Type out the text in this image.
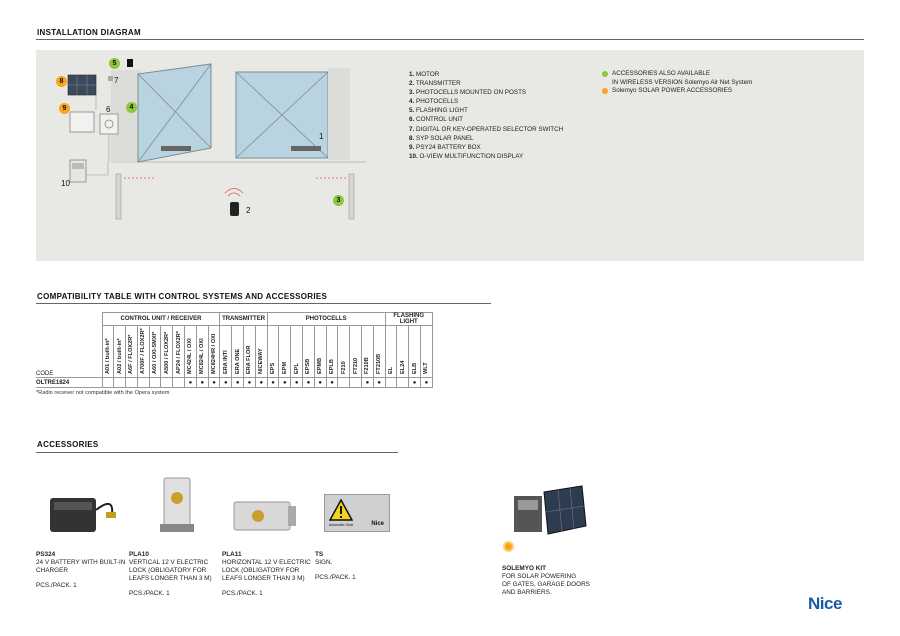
INSTALLATION DIAGRAM
5
4
3
8
9
7
6
10
1
2
1. MOTOR
2. TRANSMITTER
3. PHOTOCELLS MOUNTED ON POSTS
4. PHOTOCELLS
5. FLASHING LIGHT
6. CONTROL UNIT
7. DIGITAL OR KEY-OPERATED SELECTOR SWITCH
8. SYP SOLAR PANEL
9. PSY24 BATTERY BOX
10. O-VIEW MULTIFUNCTION DISPLAY
ACCESSORIES ALSO AVAILABLE
IN WIRELESS VERSION Solemyo Air Net System
Solemyo SOLAR POWER ACCESSORIES
COMPATIBILITY TABLE WITH CONTROL SYSTEMS AND ACCESSORIES
	CONTROL UNIT / RECEIVER										TRANSMITTER				PHOTOCELLS										FLASHING LIGHT			
CODE	A01 / built-in*	A02 / built-in*	A6F / FLOX2R*	A700F / FLOX2R*	A60 / OXI-SMXI*	A500 / FLOX2R*	AP24 / FLOX2R*	MC424L / OXI	MC824L / OXI	MC824HR / OXI	ERA INTI	ERA ONE	ERA FLOR	NICEWAY	EPS	EPM	EPL	EPSB	EPMB	EPLB	F210	FT210	F210B	FT210B	EL	EL24	ELB	WLT

OLTRE1824								●	●	●	●	●	●	●	●	●	●	●	●	●			●	●			●	●
*Radio receiver not compatible with the Opera system
ACCESSORIES
Nice
Automatic Gear
PS324
24 V BATTERY WITH BUILT-IN
CHARGER
PCS./PACK. 1
PLA10
VERTICAL 12 V ELECTRIC
LOCK (OBLIGATORY FOR
LEAFS LONGER THAN 3 M)
PCS./PACK. 1
PLA11
HORIZONTAL 12 V ELECTRIC
LOCK (OBLIGATORY FOR
LEAFS LONGER THAN 3 M)
PCS./PACK. 1
TS
SIGN.
PCS./PACK. 1
SOLEMYO KIT
FOR SOLAR POWERING
OF GATES, GARAGE DOORS
AND BARRIERS.
Nice
